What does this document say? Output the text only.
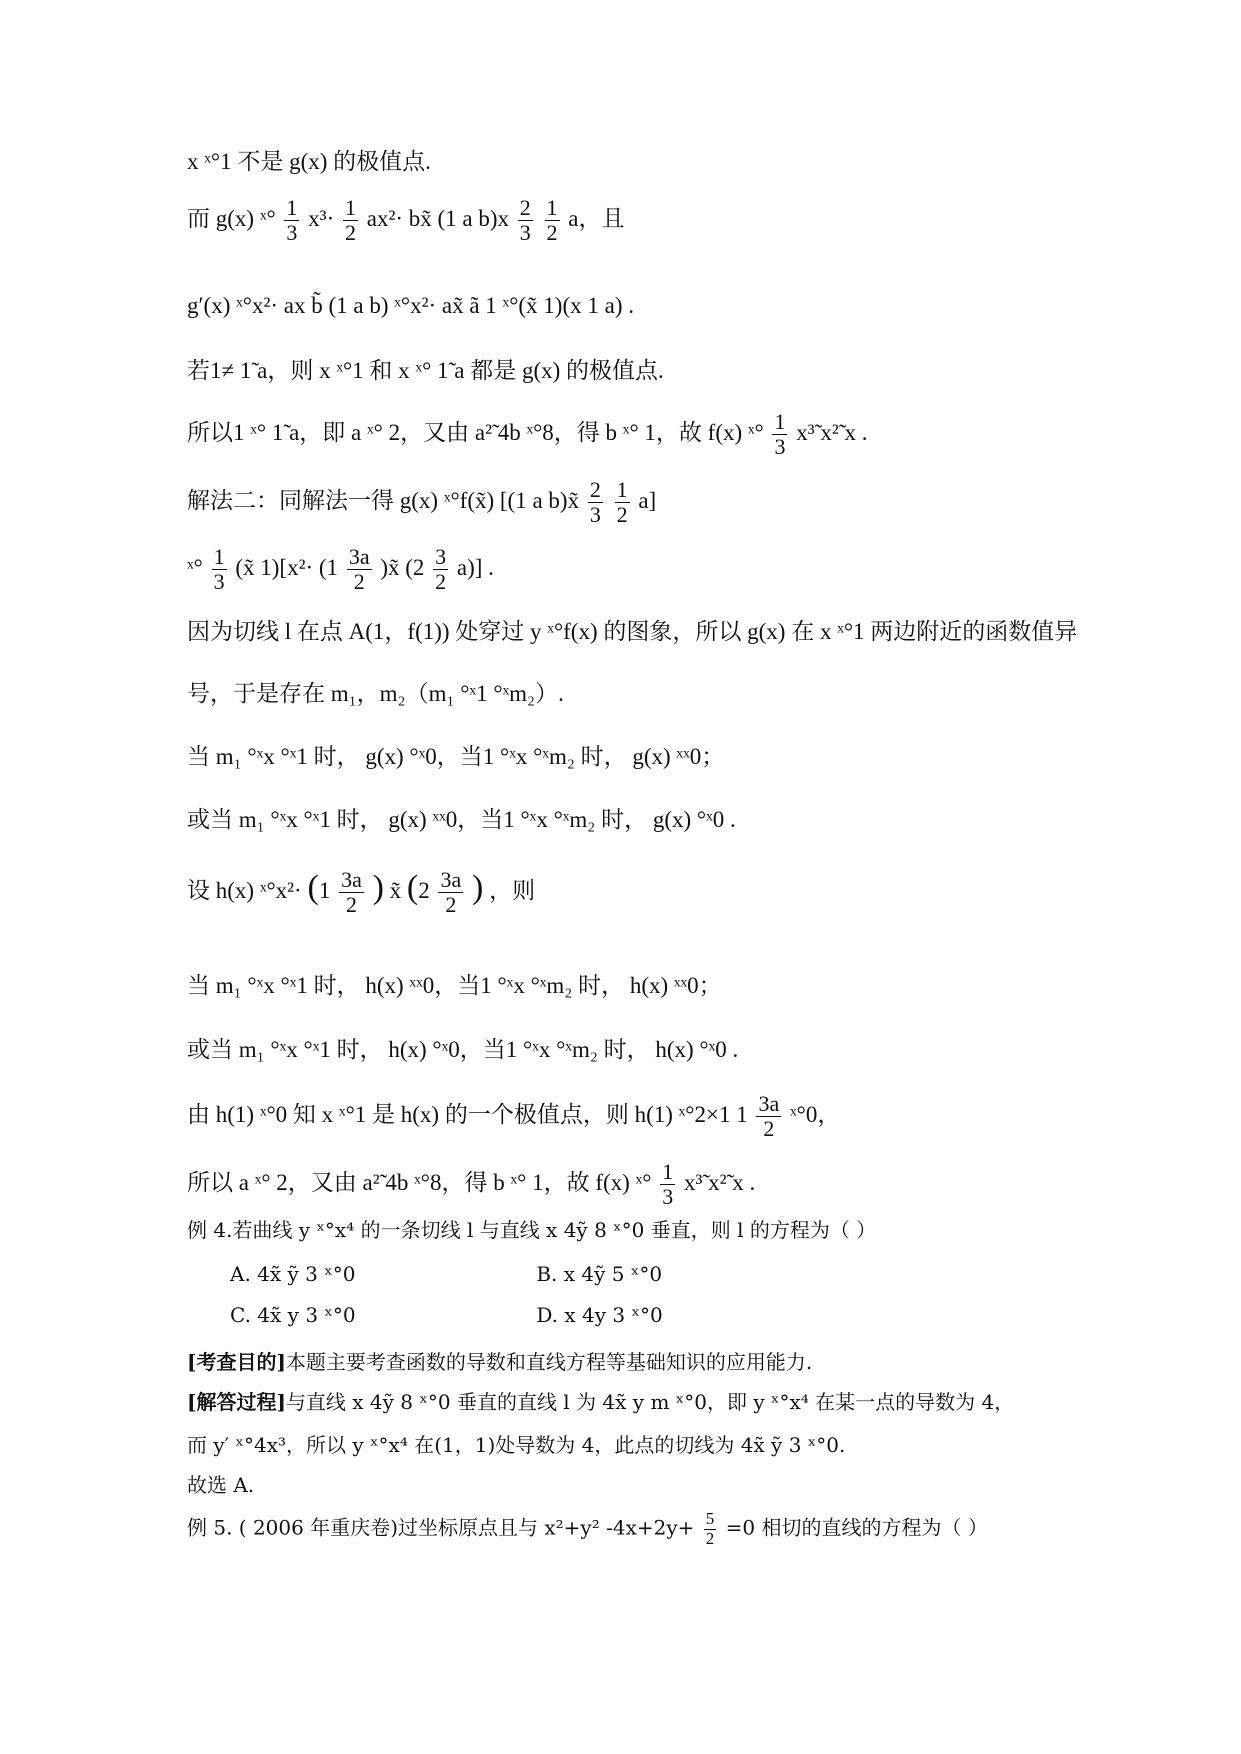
x ˣ°1 不是 g(x) 的极值点.
而 g(x) ˣ° $\frac{1}{3} x^3\cdot \frac{1}{2} ax^2\cdot$ bx̃ (1 a $b)x \frac{2}{3}$
$\frac{1}{2}$ a，且
g′(x) ˣ°x²· ax b̃ (1 a b) ˣ°x²· ax̃ ã 1 ˣ°(x̃ 1)(x 1 a) .
若1≠ 1̃ a，则 x ˣ°1 和 x ˣ° 1̃ a 都是 g(x) 的极值点.
所以1 ˣ° 1̃ a，即 a ˣ° 2，又由 a²̃ 4b ˣ°8，得 b ˣ° 1，故 f(x) ˣ° $\frac{1}{3}$ x³̃ x²̃ x .
解法二：同解法一得 g(x) ˣ°f(x̃) [(1 a b)x̃ $\frac{2}{3}$
$\frac{1}{2} a$]
ˣ° $\frac{1}{3}$ (x̃ $1)[x^2\cdot (1 \frac{3a}{2}$ )x̃ $(2 \frac{3}{2} a)$] .
因为切线 l 在点 A(1，f(1)) 处穿过 y ˣ°f(x) 的图象，所以 g(x) 在 x ˣ°1 两边附近的函数值异
号，于是存在 m₁，m₂（m₁ °ˣ1 °ˣm₂）.
当 m₁ °ˣx °ˣ1 时， g(x) °ˣ0，当1 °ˣx °ˣm₂ 时， g(x) ˣˣ0；
或当 m₁ °ˣx °ˣ1 时， g(x) ˣˣ0，当1 °ˣx °ˣm₂ 时， g(x) °ˣ0 .
设 h(x) ˣ°x²· ($1 \frac{3a}{2}$ ) x̃ ($2 \frac{3a}{2}$ ) ，则
当 m₁ °ˣx °ˣ1 时， h(x) ˣˣ0，当1 °ˣx °ˣm₂ 时， h(x) ˣˣ0；
或当 m₁ °ˣx °ˣ1 时， h(x) °ˣ0，当1 °ˣx °ˣm₂ 时， h(x) °ˣ0 .
由 h(1) ˣ°0 知 x ˣ°1 是 h(x) 的一个极值点，则 h(1) ˣ°2×1 $1 \frac{3a}{2}$ ˣ°0，
所以 a ˣ° 2，又由 a²̃ 4b ˣ°8，得 b ˣ° 1，故 f(x) ˣ° $\frac{1}{3}$ x³̃ x²̃ x .
例 4.若曲线 y ˣ°x⁴ 的一条切线 l 与直线 x 4ỹ 8 ˣ°0 垂直，则 l 的方程为（ ）
A. 4x̃ ỹ 3 ˣ°0	B. x 4ỹ 5 ˣ°0
C. 4x̃ y 3 ˣ°0	D. x 4y 3 ˣ°0
[考查目的]本题主要考查函数的导数和直线方程等基础知识的应用能力.
[解答过程]与直线 x 4ỹ 8 ˣ°0 垂直的直线 l 为 4x̃ y m ˣ°0，即 y ˣ°x⁴ 在某一点的导数为 4，
而 y′ ˣ°4x³，所以 y ˣ°x⁴ 在(1，1)处导数为 4，此点的切线为 4x̃ ỹ 3 ˣ°0.
故选 A.
例 5. ( 2006 年重庆卷)过坐标原点且与 x²+y² $-4x+2y+ \frac{5}{2} =0$ 相切的直线的方程为（ ）
